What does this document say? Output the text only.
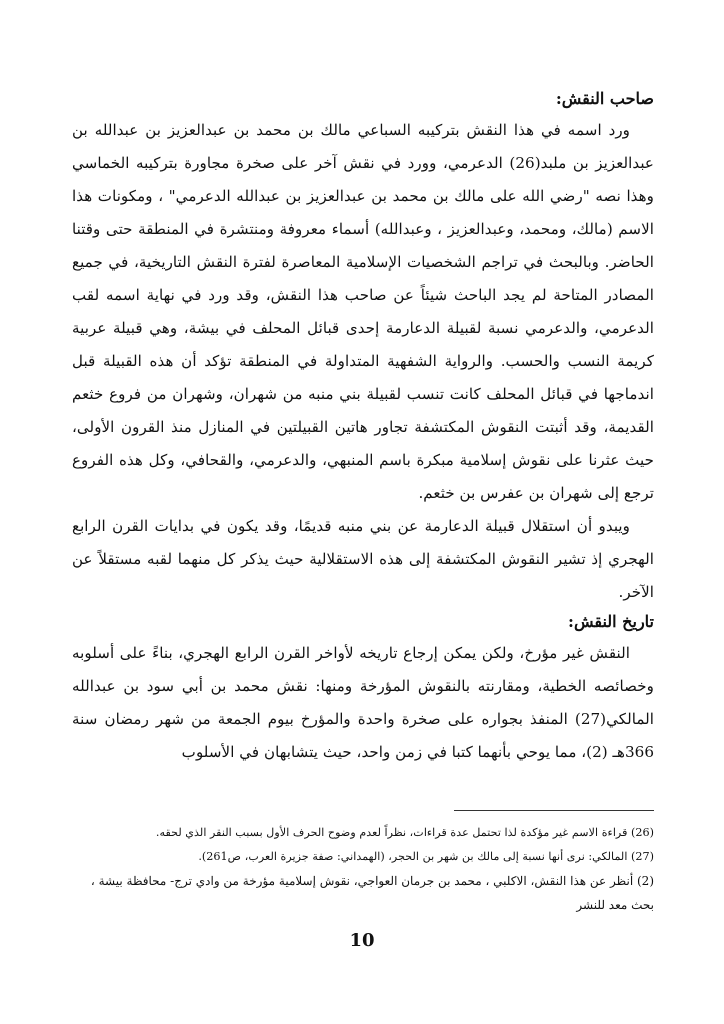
صاحب النقش:

ورد اسمه في هذا النقش بتركيبه السباعي مالك بن محمد بن عبدالعزيز بن عبدالله بن عبدالعزيز بن ملبد(26) الدعرمي، وورد في نقش آخر على صخرة مجاورة بتركيبه الخماسي وهذا نصه "رضي الله على مالك بن محمد بن عبدالعزيز بن عبدالله الدعرمي" ، ومكونات هذا الاسم (مالك، ومحمد، وعبدالعزيز ، وعبدالله) أسماء معروفة ومنتشرة في المنطقة حتى وقتنا الحاضر. وبالبحث في تراجم الشخصيات الإسلامية المعاصرة لفترة النقش التاريخية، في جميع المصادر المتاحة لم يجد الباحث شيئاً عن صاحب هذا النقش، وقد ورد في نهاية اسمه لقب الدعرمي، والدعرمي نسبة لقبيلة الدعارمة إحدى قبائل المحلف في بيشة، وهي قبيلة عربية كريمة النسب والحسب. والرواية الشفهية المتداولة في المنطقة تؤكد أن هذه القبيلة قبل اندماجها في قبائل المحلف كانت تنسب لقبيلة بني منبه من شهران، وشهران من فروع خثعم القديمة، وقد أثبتت النقوش المكتشفة تجاور هاتين القبيلتين في المنازل منذ القرون الأولى، حيث عثرنا على نقوش إسلامية مبكرة باسم المنبهي، والدعرمي، والقحافي، وكل هذه الفروع ترجع إلى شهران بن عفرس بن خثعم.

ويبدو أن استقلال قبيلة الدعارمة عن بني منبه قديمًا، وقد يكون في بدايات القرن الرابع الهجري إذ تشير النقوش المكتشفة إلى هذه الاستقلالية حيث يذكر كل منهما لقبه مستقلاً عن الآخر.

تاريخ النقش:

النقش غير مؤرخ، ولكن يمكن إرجاع تاريخه لأواخر القرن الرابع الهجري، بناءً على أسلوبه وخصائصه الخطية، ومقارنته بالنقوش المؤرخة ومنها: نقش محمد بن أبي سود بن عبدالله المالكي(27) المنفذ بجواره على صخرة واحدة والمؤرخ بيوم الجمعة من شهر رمضان سنة 366هـ (2)، مما يوحي بأنهما كتبا في زمن واحد، حيث يتشابهان في الأسلوب

(26) قراءة الاسم غير مؤكدة لذا تحتمل عدة قراءات، نظراً لعدم وضوح الحرف الأول بسبب النقر الذي لحقه.

(27) المالكي: نرى أنها نسبة إلى مالك بن شهر بن الحجر، (الهمداني: صفة جزيرة العرب، ص261).

(2) أنظر عن هذا النقش، الاكلبي ، محمد بن جرمان العواجي، نقوش إسلامية مؤرخة من وادي ترج- محافظة بيشة ، بحث معد للنشر

10
